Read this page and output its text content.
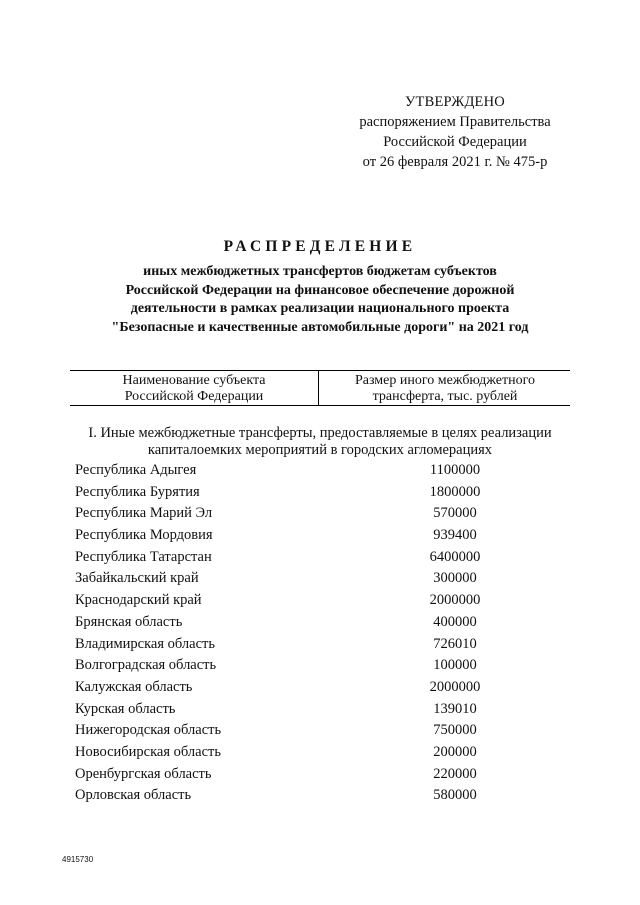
УТВЕРЖДЕНО
распоряжением Правительства
Российской Федерации
от 26 февраля 2021 г. № 475-р
РАСПРЕДЕЛЕНИЕ
иных межбюджетных трансфертов бюджетам субъектов
Российской Федерации на финансовое обеспечение дорожной
деятельности в рамках реализации национального проекта
"Безопасные и качественные автомобильные дороги" на 2021 год
Наименование субъекта
Российской Федерации
Размер иного межбюджетного
трансферта, тыс. рублей
I. Иные межбюджетные трансферты, предоставляемые в целях реализации
капиталоемких мероприятий в городских агломерациях
Республика Адыгея	1100000
Республика Бурятия	1800000
Республика Марий Эл	570000
Республика Мордовия	939400
Республика Татарстан	6400000
Забайкальский край	300000
Краснодарский край	2000000
Брянская область	400000
Владимирская область	726010
Волгоградская область	100000
Калужская область	2000000
Курская область	139010
Нижегородская область	750000
Новосибирская область	200000
Оренбургская область	220000
Орловская область	580000
4915730
